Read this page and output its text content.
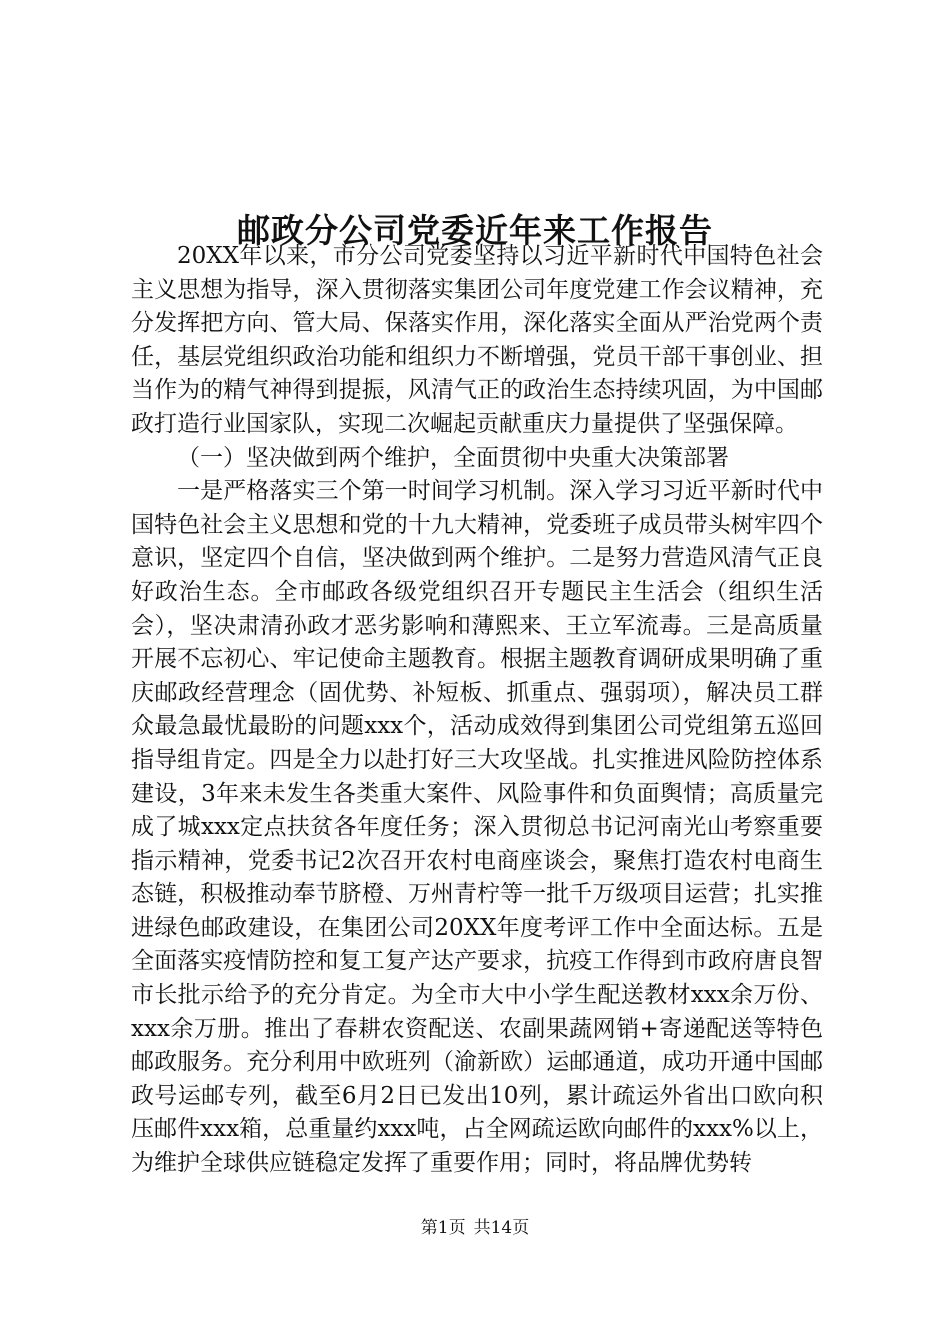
邮政分公司党委近年来工作报告

20XX年以来，市分公司党委坚持以习近平新时代中国特色社会主义思想为指导，深入贯彻落实集团公司年度党建工作会议精神，充分发挥把方向、管大局、保落实作用，深化落实全面从严治党两个责任，基层党组织政治功能和组织力不断增强，党员干部干事创业、担当作为的精气神得到提振，风清气正的政治生态持续巩固，为中国邮政打造行业国家队，实现二次崛起贡献重庆力量提供了坚强保障。

（一）坚决做到两个维护，全面贯彻中央重大决策部署

一是严格落实三个第一时间学习机制。深入学习习近平新时代中国特色社会主义思想和党的十九大精神，党委班子成员带头树牢四个意识，坚定四个自信，坚决做到两个维护。二是努力营造风清气正良好政治生态。全市邮政各级党组织召开专题民主生活会（组织生活会），坚决肃清孙政才恶劣影响和薄熙来、王立军流毒。三是高质量开展不忘初心、牢记使命主题教育。根据主题教育调研成果明确了重庆邮政经营理念（固优势、补短板、抓重点、强弱项），解决员工群众最急最忧最盼的问题xxx个，活动成效得到集团公司党组第五巡回指导组肯定。四是全力以赴打好三大攻坚战。扎实推进风险防控体系建设，3年来未发生各类重大案件、风险事件和负面舆情；高质量完成了城xxx定点扶贫各年度任务；深入贯彻总书记河南光山考察重要指示精神，党委书记2次召开农村电商座谈会，聚焦打造农村电商生态链，积极推动奉节脐橙、万州青柠等一批千万级项目运营；扎实推进绿色邮政建设，在集团公司20XX年度考评工作中全面达标。五是全面落实疫情防控和复工复产达产要求，抗疫工作得到市政府唐良智市长批示给予的充分肯定。为全市大中小学生配送教材xxx余万份、xxx余万册。推出了春耕农资配送、农副果蔬网销+寄递配送等特色邮政服务。充分利用中欧班列（渝新欧）运邮通道，成功开通中国邮政号运邮专列，截至6月2日已发出10列，累计疏运外省出口欧向积压邮件xxx箱，总重量约xxx吨，占全网疏运欧向邮件的xxx%以上，为维护全球供应链稳定发挥了重要作用；同时，将品牌优势转

第1页 共14页
